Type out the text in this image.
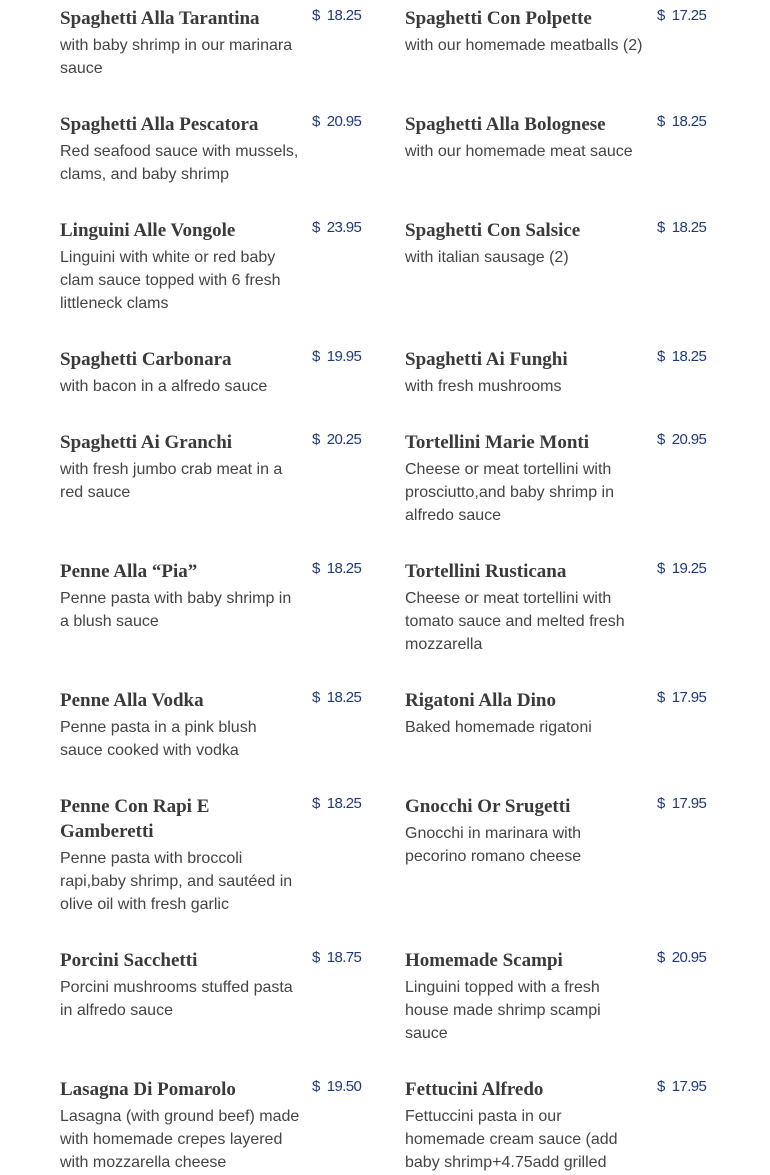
Spaghetti Alla Tarantina
with baby shrimp in our marinara sauce
$ 18.25 Spaghetti Con Polpette
with our homemade meatballs (2)
$ 17.25
Spaghetti Alla Pescatora
Red seafood sauce with mussels, clams, and baby shrimp
$ 20.95 Spaghetti Alla Bolognese
with our homemade meat sauce
$ 18.25
Linguini Alle Vongole
Linguini with white or red baby clam sauce topped with 6 fresh littleneck clams
$ 23.95 Spaghetti Con Salsice
with italian sausage (2)
$ 18.25
Spaghetti Carbonara
with bacon in a alfredo sauce
$ 19.95 Spaghetti Ai Funghi
with fresh mushrooms
$ 18.25
Spaghetti Ai Granchi
with fresh jumbo crab meat in a red sauce
$ 20.25 Tortellini Marie Monti
Cheese or meat tortellini with prosciutto,and baby shrimp in alfredo sauce
$ 20.95
Penne Alla “Pia”
Penne pasta with baby shrimp in a blush sauce
$ 18.25 Tortellini Rusticana
Cheese or meat tortellini with tomato sauce and melted fresh mozzarella
$ 19.25
Penne Alla Vodka
Penne pasta in a pink blush sauce cooked with vodka
$ 18.25 Rigatoni Alla Dino
Baked homemade rigatoni
$ 17.95
Penne Con Rapi E Gamberetti
Penne pasta with broccoli rapi,baby shrimp, and sautéed in olive oil with fresh garlic
$ 18.25 Gnocchi Or Srugetti
Gnocchi in marinara with pecorino romano cheese
$ 17.95
Porcini Sacchetti
Porcini mushrooms stuffed pasta in alfredo sauce
$ 18.75 Homemade Scampi
Linguini topped with a fresh house made shrimp scampi sauce
$ 20.95
Lasagna Di Pomarolo
Lasagna (with ground beef) made with homemade crepes layered with mozzarella cheese
$ 19.50 Fettucini Alfredo
Fettuccini pasta in our homemade cream sauce (add baby shrimp+4.75add grilled
$ 17.95
